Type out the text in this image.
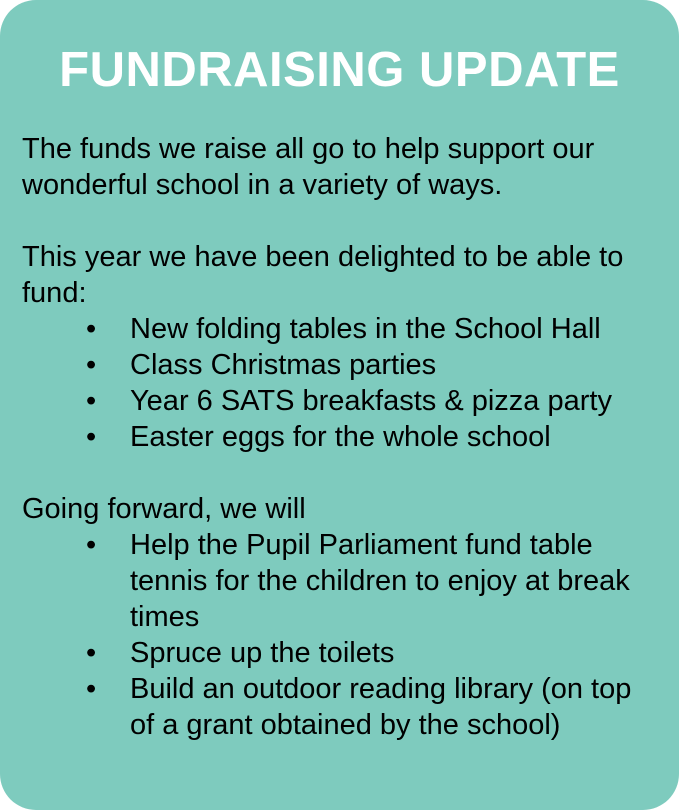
FUNDRAISING UPDATE

The funds we raise all go to help support our wonderful school in a variety of ways.

This year we have been delighted to be able to fund:

• New folding tables in the School Hall
• Class Christmas parties
• Year 6 SATS breakfasts & pizza party
• Easter eggs for the whole school

Going forward, we will

• Help the Pupil Parliament fund table tennis for the children to enjoy at break times
• Spruce up the toilets
• Build an outdoor reading library (on top of a grant obtained by the school)
